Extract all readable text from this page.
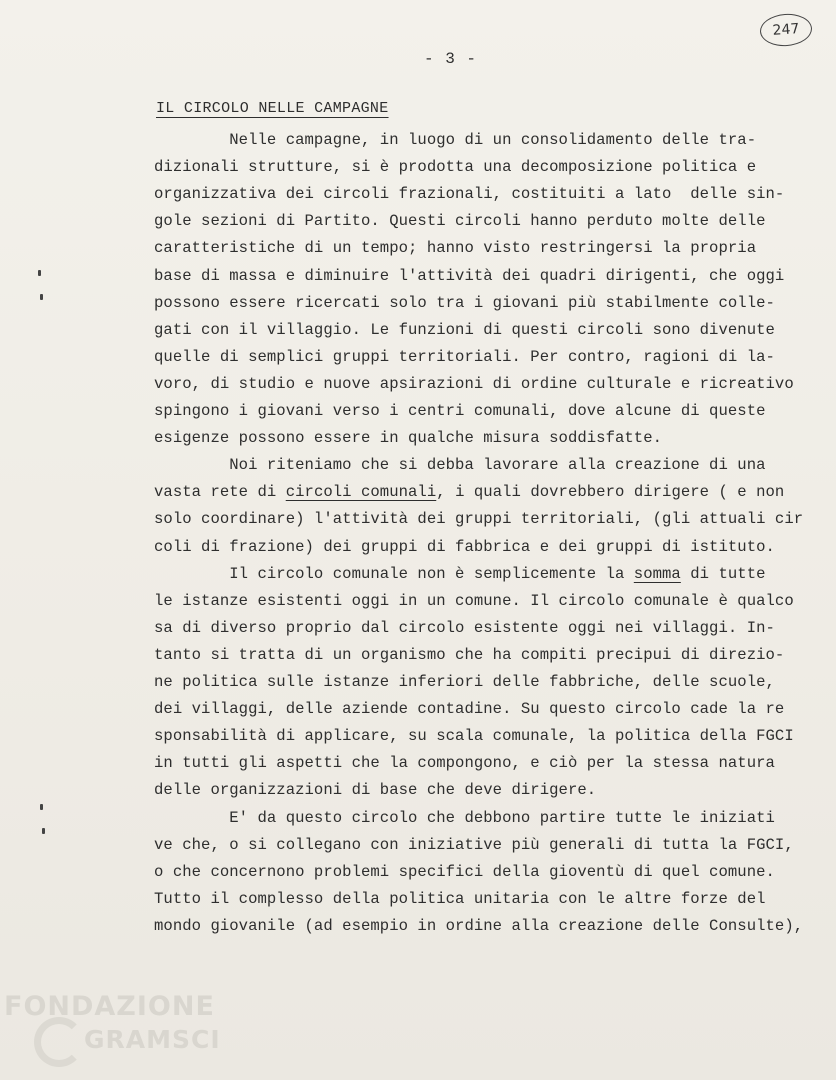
247
- 3 -
IL CIRCOLO NELLE CAMPAGNE
Nelle campagne, in luogo di un consolidamento delle tra-
dizionali strutture, si è prodotta una decomposizione politica e
organizzativa dei circoli frazionali, costituiti a lato  delle sin-
gole sezioni di Partito. Questi circoli hanno perduto molte delle
caratteristiche di un tempo; hanno visto restringersi la propria
base di massa e diminuire l'attività dei quadri dirigenti, che oggi
possono essere ricercati solo tra i giovani più stabilmente colle-
gati con il villaggio. Le funzioni di questi circoli sono divenute
quelle di semplici gruppi territoriali. Per contro, ragioni di la-
voro, di studio e nuove apsirazioni di ordine culturale e ricreativo
spingono i giovani verso i centri comunali, dove alcune di queste
esigenze possono essere in qualche misura soddisfatte.
Noi riteniamo che si debba lavorare alla creazione di una
vasta rete di circoli comunali, i quali dovrebbero dirigere ( e non
solo coordinare) l'attività dei gruppi territoriali, (gli attuali cir
coli di frazione) dei gruppi di fabbrica e dei gruppi di istituto.
Il circolo comunale non è semplicemente la somma di tutte
le istanze esistenti oggi in un comune. Il circolo comunale è qualco
sa di diverso proprio dal circolo esistente oggi nei villaggi. In-
tanto si tratta di un organismo che ha compiti precipui di direzio-
ne politica sulle istanze inferiori delle fabbriche, delle scuole,
dei villaggi, delle aziende contadine. Su questo circolo cade la re
sponsabilità di applicare, su scala comunale, la politica della FGCI
in tutti gli aspetti che la compongono, e ciò per la stessa natura
delle organizzazioni di base che deve dirigere.
E' da questo circolo che debbono partire tutte le iniziati
ve che, o si collegano con iniziative più generali di tutta la FGCI,
o che concernono problemi specifici della gioventù di quel comune.
Tutto il complesso della politica unitaria con le altre forze del
mondo giovanile (ad esempio in ordine alla creazione delle Consulte),
FONDAZIONE
GRAMSCI
